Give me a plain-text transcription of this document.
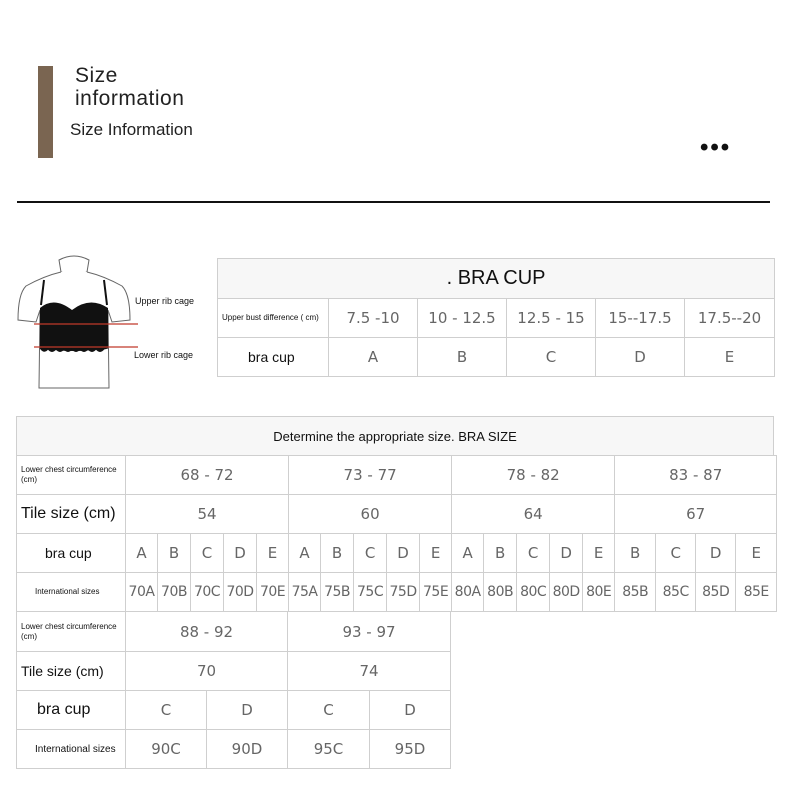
Size
information
Size Information
•••
Upper rib cage
Lower rib cage
. BRA CUP					
Upper bust difference ( cm)	7.5 -10	10 - 12.5	12.5 - 15	15--17.5	17.5--20
bra cup	A	B	C	D	E
Determine the appropriate size. BRA SIZE
Lower chest circumference (cm)	68 - 72					73 - 77					78 - 82					83 - 87			
Tile size (cm)	54					60					64					67			
bra cup	A	B	C	D	E	A	B	C	D	E	A	B	C	D	E	B	C	D	E
International sizes	70A	70B	70C	70D	70E	75A	75B	75C	75D	75E	80A	80B	80C	80D	80E	85B	85C	85D	85E
Lower chest circumference (cm)	88 - 92		93 - 97	
Tile size (cm)	70		74	
bra cup	C	D	C	D
International sizes	90C	90D	95C	95D
